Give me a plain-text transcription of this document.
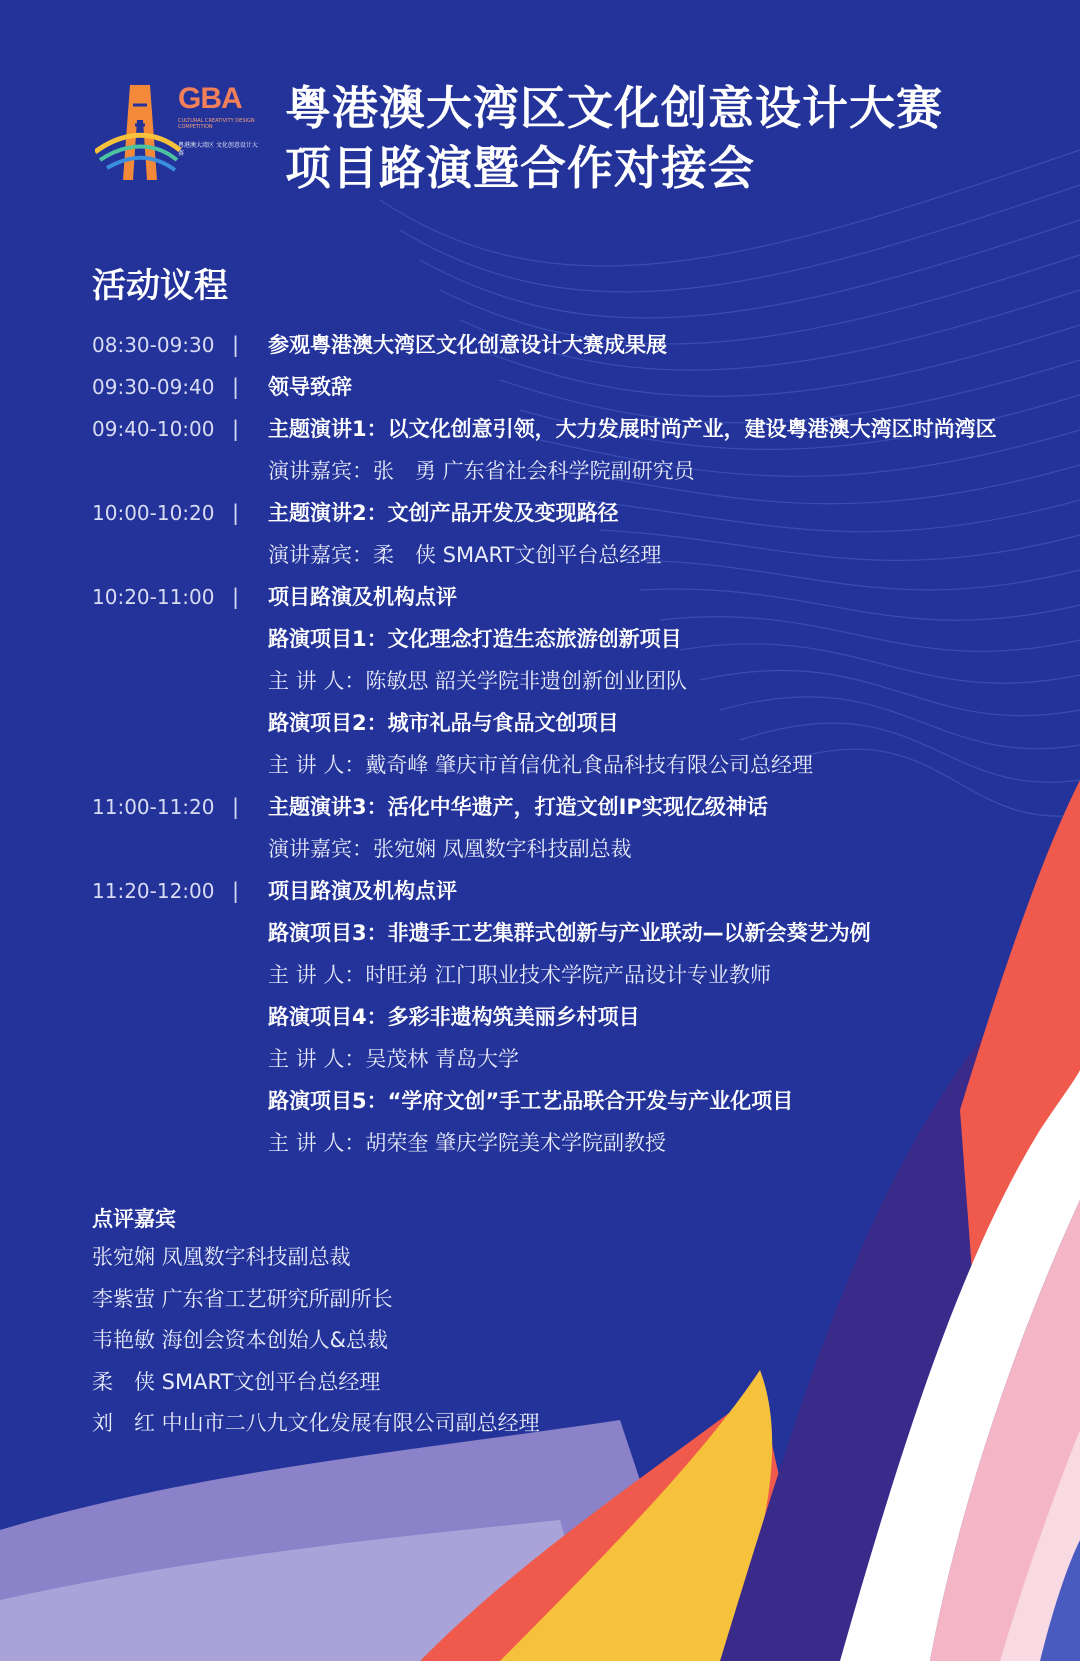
GBA
CULTURAL CREATIVITY DESIGN COMPETITION
粤港澳大湾区 文化创意设计大赛
粤港澳大湾区文化创意设计大赛
项目路演暨合作对接会
活动议程
08:30-09:30 | 参观粤港澳大湾区文化创意设计大赛成果展
09:30-09:40 | 领导致辞
09:40-10:00 | 主题演讲1：以文化创意引领，大力发展时尚产业，建设粤港澳大湾区时尚湾区
演讲嘉宾：张　勇 广东省社会科学院副研究员
10:00-10:20 | 主题演讲2：文创产品开发及变现路径
演讲嘉宾：柔　侠 SMART文创平台总经理
10:20-11:00 | 项目路演及机构点评
路演项目1：文化理念打造生态旅游创新项目
主 讲 人：陈敏思 韶关学院非遗创新创业团队
路演项目2：城市礼品与食品文创项目
主 讲 人：戴奇峰 肇庆市首信优礼食品科技有限公司总经理
11:00-11:20 | 主题演讲3：活化中华遗产，打造文创IP实现亿级神话
演讲嘉宾：张宛娴 凤凰数字科技副总裁
11:20-12:00 | 项目路演及机构点评
路演项目3：非遗手工艺集群式创新与产业联动—以新会葵艺为例
主 讲 人：时旺弟 江门职业技术学院产品设计专业教师
路演项目4：多彩非遗构筑美丽乡村项目
主 讲 人：吴茂林 青岛大学
路演项目5：“学府文创”手工艺品联合开发与产业化项目
主 讲 人：胡荣奎 肇庆学院美术学院副教授
点评嘉宾
张宛娴 凤凰数字科技副总裁
李紫萤 广东省工艺研究所副所长
韦艳敏 海创会资本创始人&总裁
柔　侠 SMART文创平台总经理
刘　红 中山市二八九文化发展有限公司副总经理
